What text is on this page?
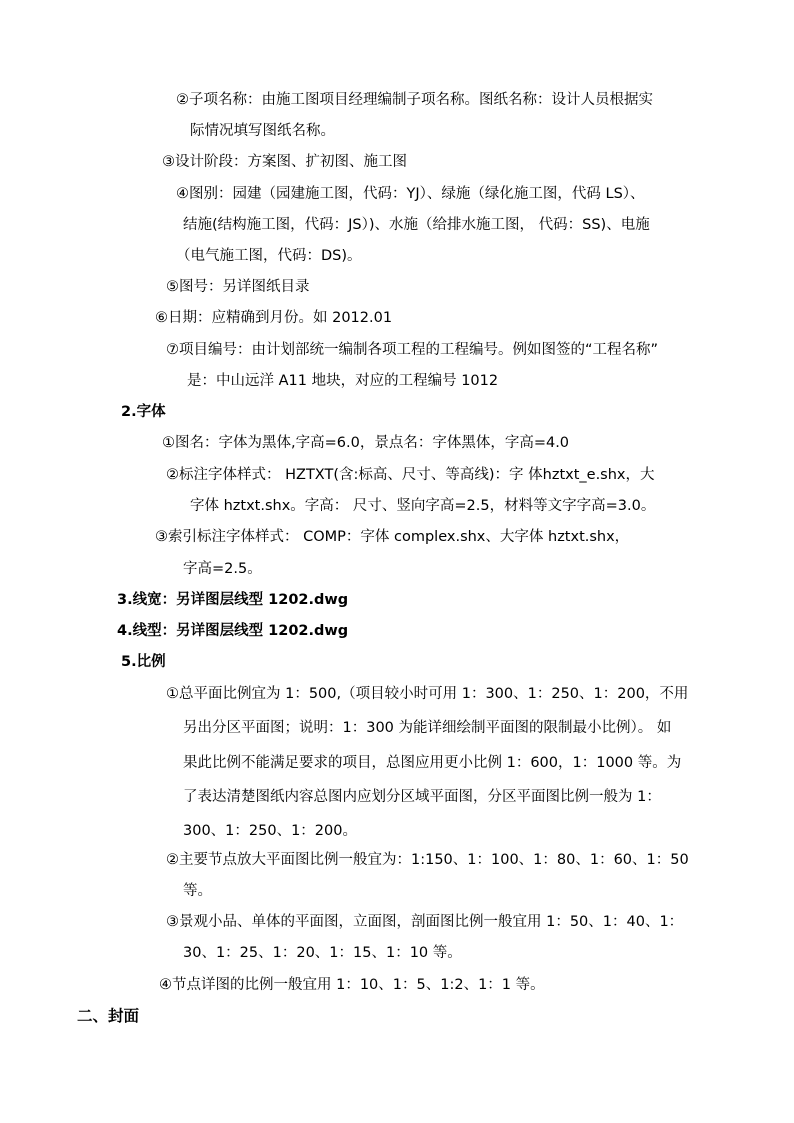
②子项名称：由施工图项目经理编制子项名称。图纸名称：设计人员根据实

际情况填写图纸名称。

③设计阶段：方案图、扩初图、施工图

④图别：园建（园建施工图，代码：YJ）、绿施（绿化施工图，代码 LS）、

结施(结构施工图，代码：JS）)、水施（给排水施工图， 代码：SS)、电施

（电气施工图，代码：DS)。

⑤图号：另详图纸目录

⑥日期：应精确到月份。如 2012.01

⑦项目编号：由计划部统一编制各项工程的工程编号。例如图签的“工程名称”

是：中山远洋 A11 地块，对应的工程编号 1012

2.字体

①图名：字体为黑体,字高=6.0，景点名：字体黑体，字高=4.0

②标注字体样式： HZTXT(含:标高、尺寸、等高线)：字 体hztxt_e.shx，大

字体 hztxt.shx。字高： 尺寸、竖向字高=2.5，材料等文字字高=3.0。

③索引标注字体样式： COMP：字体 complex.shx、大字体 hztxt.shx，

字高=2.5。

3.线宽：另详图层线型 1202.dwg

4.线型：另详图层线型 1202.dwg

5.比例

①总平面比例宜为 1：500,（项目较小时可用 1：300、1：250、1：200，不用

另出分区平面图；说明：1：300 为能详细绘制平面图的限制最小比例）。 如

果此比例不能满足要求的项目，总图应用更小比例 1：600，1：1000 等。为

了表达清楚图纸内容总图内应划分区域平面图，分区平面图比例一般为 1：

300、1：250、1：200。

②主要节点放大平面图比例一般宜为：1:150、1：100、1：80、1：60、1：50

等。

③景观小品、单体的平面图，立面图，剖面图比例一般宜用 1：50、1：40、1：

30、1：25、1：20、1：15、1：10 等。

④节点详图的比例一般宜用 1：10、1：5、1:2、1：1 等。

二、封面
